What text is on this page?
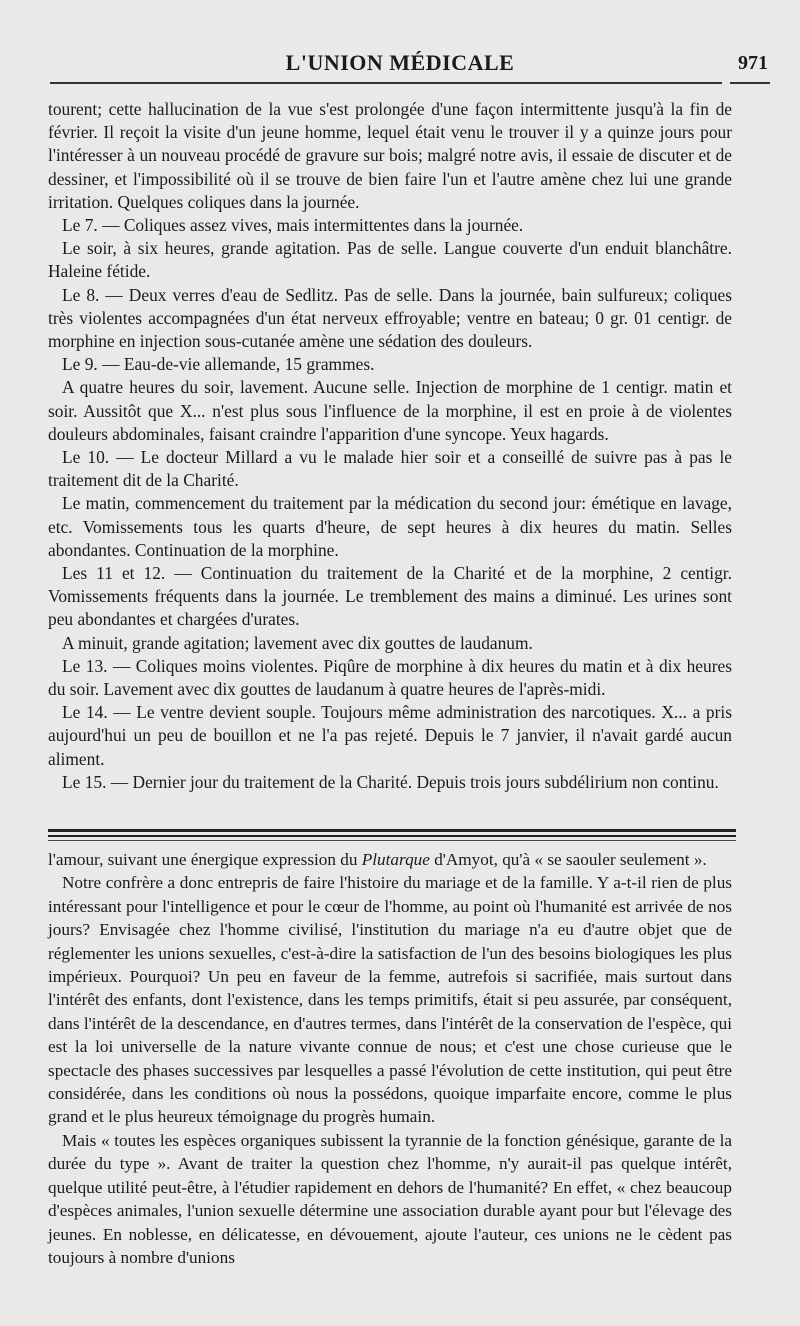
L'UNION MÉDICALE	971

tourent; cette hallucination de la vue s'est prolongée d'une façon intermittente jusqu'à la fin de février. Il reçoit la visite d'un jeune homme, lequel était venu le trouver il y a quinze jours pour l'intéresser à un nouveau procédé de gravure sur bois; malgré notre avis, il essaie de discuter et de dessiner, et l'impossibilité où il se trouve de bien faire l'un et l'autre amène chez lui une grande irritation. Quelques coliques dans la journée.

Le 7. — Coliques assez vives, mais intermittentes dans la journée.

Le soir, à six heures, grande agitation. Pas de selle. Langue couverte d'un enduit blanchâtre. Haleine fétide.

Le 8. — Deux verres d'eau de Sedlitz. Pas de selle. Dans la journée, bain sulfureux; coliques très violentes accompagnées d'un état nerveux effroyable; ventre en bateau; 0 gr. 01 centigr. de morphine en injection sous-cutanée amène une sédation des douleurs.

Le 9. — Eau-de-vie allemande, 15 grammes.

A quatre heures du soir, lavement. Aucune selle. Injection de morphine de 1 centigr. matin et soir. Aussitôt que X... n'est plus sous l'influence de la morphine, il est en proie à de violentes douleurs abdominales, faisant craindre l'apparition d'une syncope. Yeux hagards.

Le 10. — Le docteur Millard a vu le malade hier soir et a conseillé de suivre pas à pas le traitement dit de la Charité.

Le matin, commencement du traitement par la médication du second jour: émétique en lavage, etc. Vomissements tous les quarts d'heure, de sept heures à dix heures du matin. Selles abondantes. Continuation de la morphine.

Les 11 et 12. — Continuation du traitement de la Charité et de la morphine, 2 centigr. Vomissements fréquents dans la journée. Le tremblement des mains a diminué. Les urines sont peu abondantes et chargées d'urates.

A minuit, grande agitation; lavement avec dix gouttes de laudanum.

Le 13. — Coliques moins violentes. Piqûre de morphine à dix heures du matin et à dix heures du soir. Lavement avec dix gouttes de laudanum à quatre heures de l'après-midi.

Le 14. — Le ventre devient souple. Toujours même administration des narcotiques. X... a pris aujourd'hui un peu de bouillon et ne l'a pas rejeté. Depuis le 7 janvier, il n'avait gardé aucun aliment.

Le 15. — Dernier jour du traitement de la Charité. Depuis trois jours subdélirium non continu.

l'amour, suivant une énergique expression du Plutarque d'Amyot, qu'à « se saouler seulement ».

Notre confrère a donc entrepris de faire l'histoire du mariage et de la famille. Y a-t-il rien de plus intéressant pour l'intelligence et pour le cœur de l'homme, au point où l'humanité est arrivée de nos jours? Envisagée chez l'homme civilisé, l'institution du mariage n'a eu d'autre objet que de réglementer les unions sexuelles, c'est-à-dire la satisfaction de l'un des besoins biologiques les plus impérieux. Pourquoi? Un peu en faveur de la femme, autrefois si sacrifiée, mais surtout dans l'intérêt des enfants, dont l'existence, dans les temps primitifs, était si peu assurée, par conséquent, dans l'intérêt de la descendance, en d'autres termes, dans l'intérêt de la conservation de l'espèce, qui est la loi universelle de la nature vivante connue de nous; et c'est une chose curieuse que le spectacle des phases successives par lesquelles a passé l'évolution de cette institution, qui peut être considérée, dans les conditions où nous la possédons, quoique imparfaite encore, comme le plus grand et le plus heureux témoignage du progrès humain.

Mais « toutes les espèces organiques subissent la tyrannie de la fonction génésique, garante de la durée du type ». Avant de traiter la question chez l'homme, n'y aurait-il pas quelque intérêt, quelque utilité peut-être, à l'étudier rapidement en dehors de l'humanité? En effet, « chez beaucoup d'espèces animales, l'union sexuelle détermine une association durable ayant pour but l'élevage des jeunes. En noblesse, en délicatesse, en dévouement, ajoute l'auteur, ces unions ne le cèdent pas toujours à nombre d'unions
